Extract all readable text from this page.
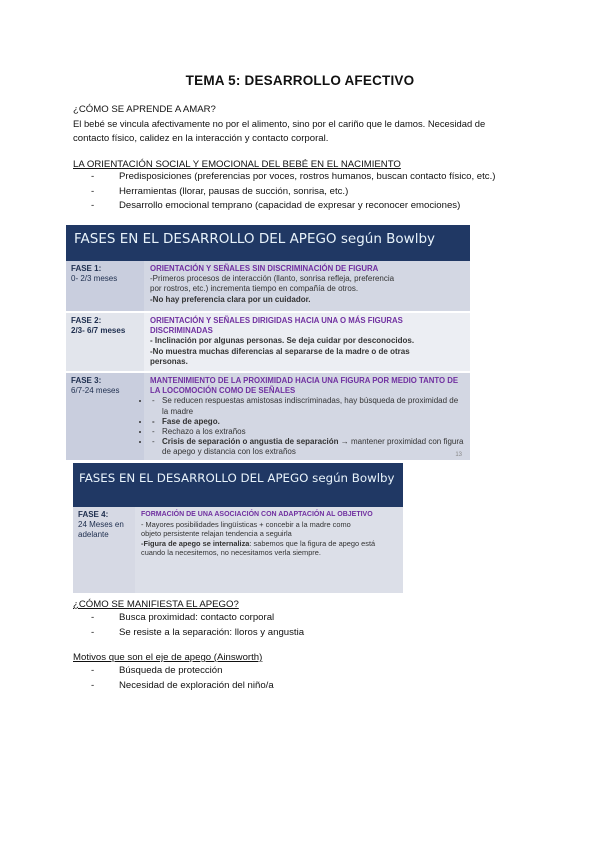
TEMA 5: DESARROLLO AFECTIVO
¿CÓMO SE APRENDE A AMAR?
El bebé se vincula afectivamente no por el alimento, sino por el cariño que le damos. Necesidad de
contacto físico, calidez en la interacción y contacto corporal.
LA ORIENTACIÓN SOCIAL Y EMOCIONAL DEL BEBÉ EN EL NACIMIENTO
- Predisposiciones (preferencias por voces, rostros humanos, buscan contacto físico, etc.)
- Herramientas (llorar, pausas de succión, sonrisa, etc.)
- Desarrollo emocional temprano (capacidad de expresar y reconocer emociones)
FASES EN EL DESARROLLO DEL APEGO según Bowlby
FASE 1:
0- 2/3 meses
ORIENTACIÓN Y SEÑALES SIN DISCRIMINACIÓN DE FIGURA
-Primeros procesos de interacción (llanto, sonrisa refleja, preferencia
por rostros, etc.) incrementa tiempo en compañía de otros.
-No hay preferencia clara por un cuidador.
FASE 2:
2/3- 6/7 meses
ORIENTACIÓN Y SEÑALES DIRIGIDAS HACIA UNA O MÁS FIGURAS DISCRIMINADAS
- Inclinación por algunas personas. Se deja cuidar por desconocidos.
-No muestra muchas diferencias al separarse de la madre o de otras
personas.
FASE 3:
6/7-24 meses
MANTENIMIENTO DE LA PROXIMIDAD HACIA UNA FIGURA POR MEDIO TANTO DE LA LOCOMOCIÓN COMO DE SEÑALES
- • Se reducen respuestas amistosas indiscriminadas, hay búsqueda de proximidad de la madre
- • Fase de apego.
- • Rechazo a los extraños
- • Crisis de separación o angustia de separación → mantener proximidad con figura de apego y distancia con los extraños	13
FASES EN EL DESARROLLO DEL APEGO según Bowlby
FASE 4:
24 Meses en adelante
FORMACIÓN DE UNA ASOCIACIÓN CON ADAPTACIÓN AL OBJETIVO
- Mayores posibilidades lingüísticas + concebir a la madre como
objeto persistente relajan tendencia a seguirla
-Figura de apego se internaliza: sabemos que la figura de apego está cuando la necesitemos, no necesitamos verla siempre.
¿CÓMO SE MANIFIESTA EL APEGO?
- Busca proximidad: contacto corporal
- Se resiste a la separación: lloros y angustia
Motivos que son el eje de apego (Ainsworth)
- Búsqueda de protección
- Necesidad de exploración del niño/a
